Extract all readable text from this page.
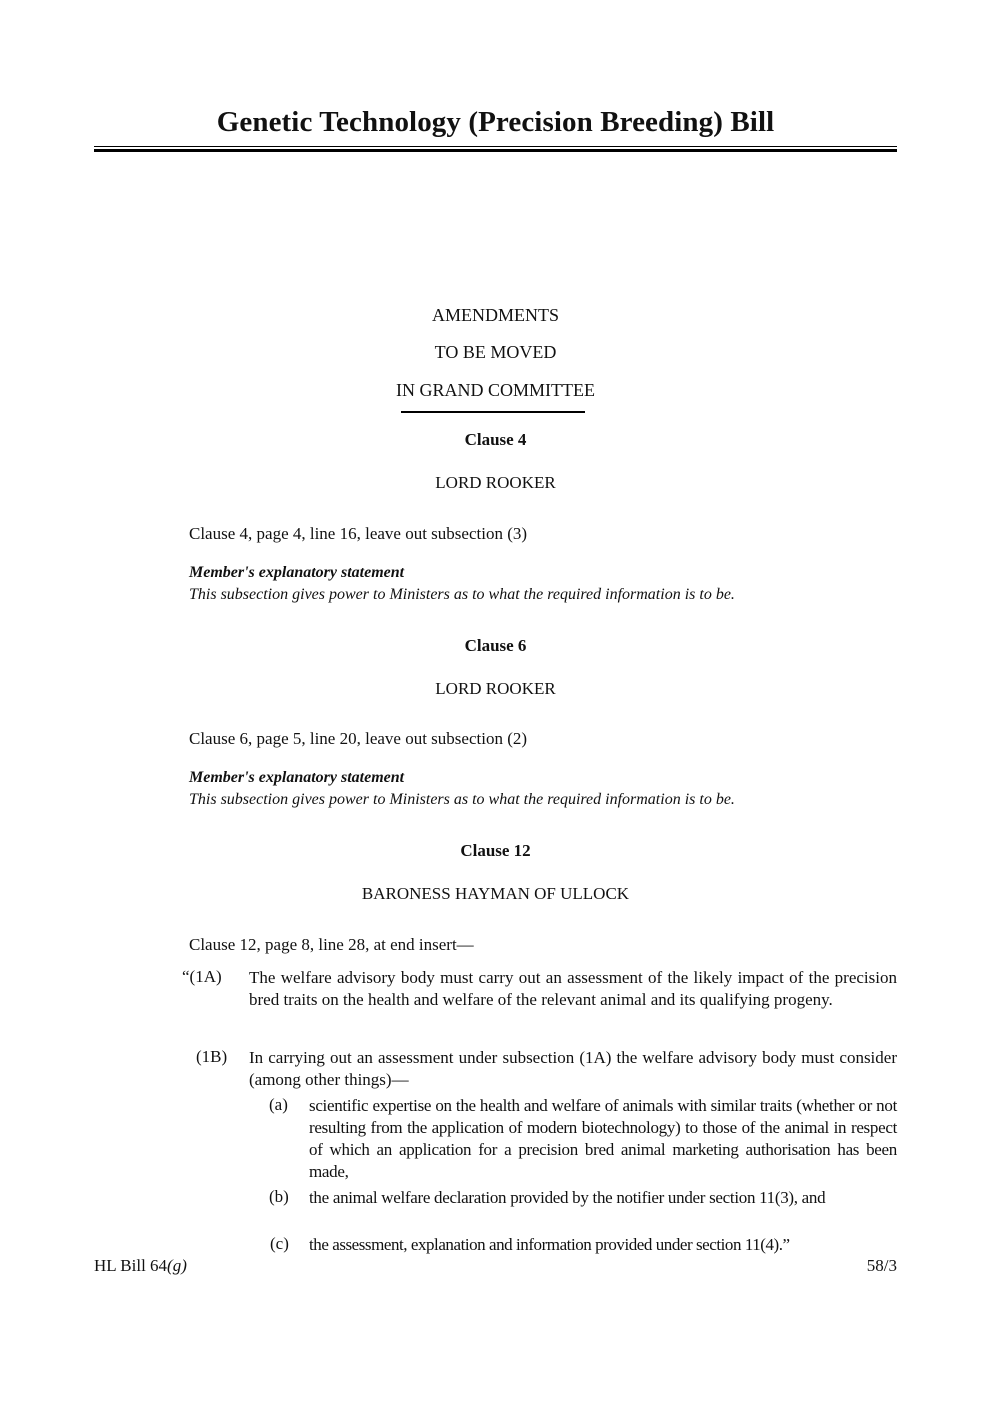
Genetic Technology (Precision Breeding) Bill
AMENDMENTS
TO BE MOVED
IN GRAND COMMITTEE
Clause 4
LORD ROOKER
Clause 4, page 4, line 16, leave out subsection (3)
Member's explanatory statement
This subsection gives power to Ministers as to what the required information is to be.
Clause 6
LORD ROOKER
Clause 6, page 5, line 20, leave out subsection (2)
Member's explanatory statement
This subsection gives power to Ministers as to what the required information is to be.
Clause 12
BARONESS HAYMAN OF ULLOCK
Clause 12, page 8, line 28, at end insert—
“(1A) The welfare advisory body must carry out an assessment of the likely impact of the precision bred traits on the health and welfare of the relevant animal and its qualifying progeny.
(1B) In carrying out an assessment under subsection (1A) the welfare advisory body must consider (among other things)—
(a) scientific expertise on the health and welfare of animals with similar traits (whether or not resulting from the application of modern biotechnology) to those of the animal in respect of which an application for a precision bred animal marketing authorisation has been made,
(b) the animal welfare declaration provided by the notifier under section 11(3), and
(c) the assessment, explanation and information provided under section 11(4).”
HL Bill 64(g)	58/3
